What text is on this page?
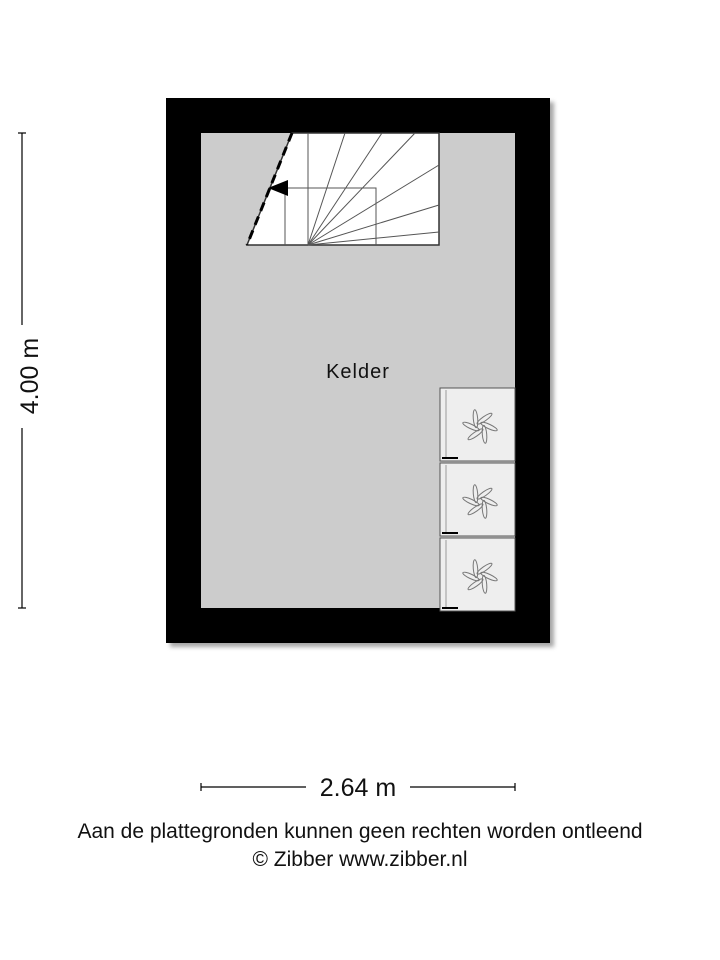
Kelder
4.00 m
2.64 m
Aan de plattegronden kunnen geen rechten worden ontleend
© Zibber www.zibber.nl
